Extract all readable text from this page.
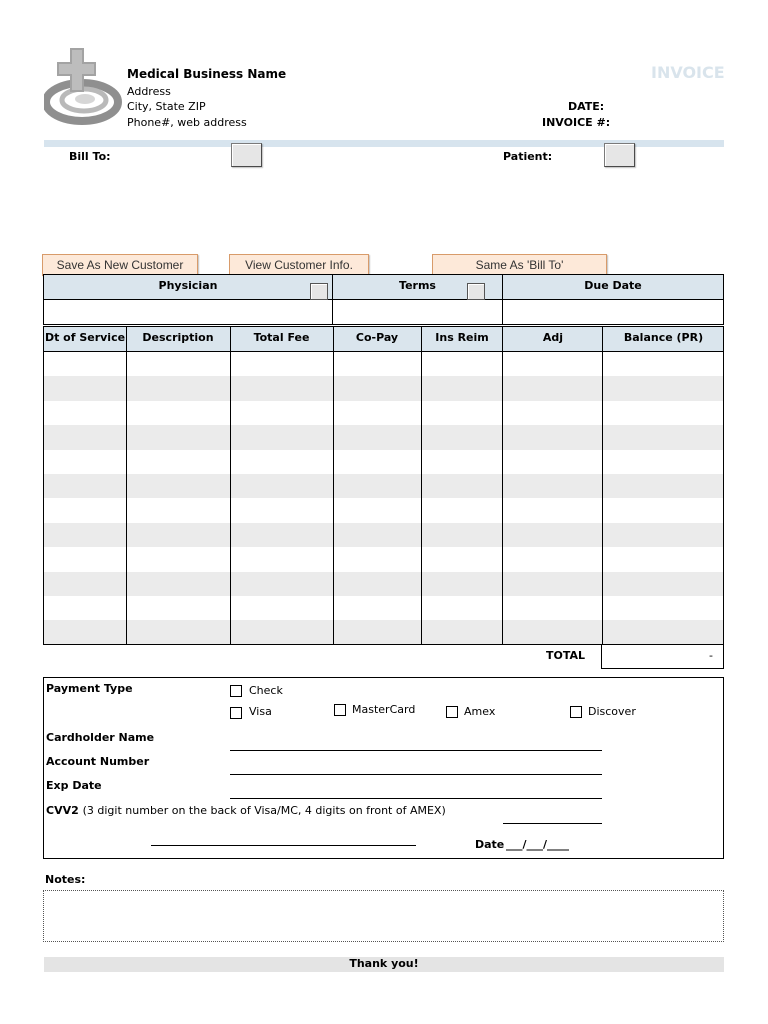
Medical Business Name
Address
City, State ZIP
Phone#, web address
INVOICE
DATE:
INVOICE #:
Bill To:	Patient:
Save As New Customer	View Customer Info.	Same As 'Bill To'
Physician	Terms	Due Date
Dt of Service	Description	Total Fee	Co-Pay	Ins Reim	Adj	Balance (PR)
TOTAL	-
Payment Type	Check
Visa	MasterCard	Amex	Discover
Cardholder Name
Account Number
Exp Date
CVV2 (3 digit number on the back of Visa/MC, 4 digits on front of AMEX)
Date ___/___/____
Notes:
Thank you!
